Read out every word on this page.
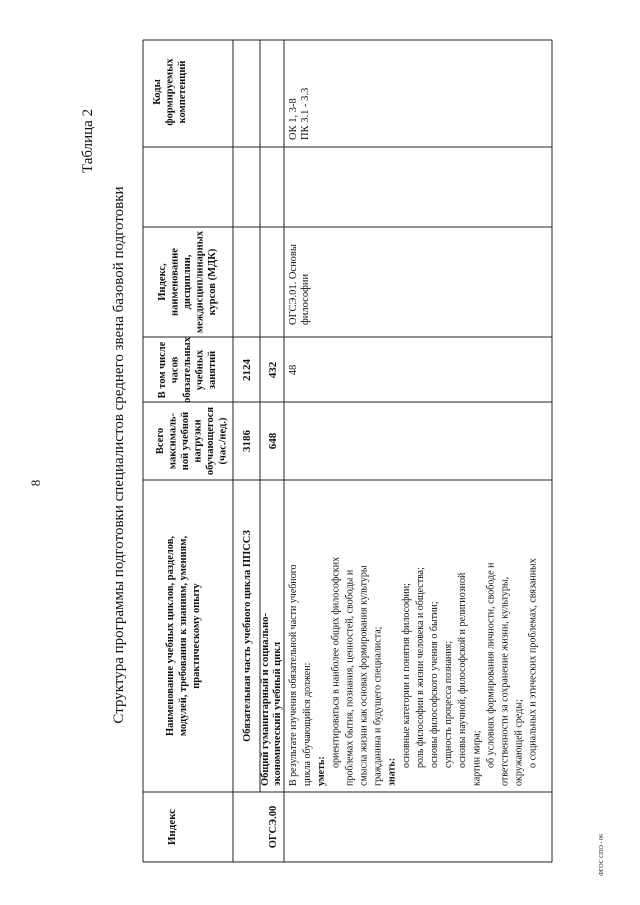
8
Таблица 2
Структура программы подготовки специалистов среднего звена базовой подготовки
ФГОС СПО - 06
Индекс
Наименование учебных циклов, разделов, модулей, требования к знаниям, умениям, практическому опыту
Всего максималь- ной учебной нагрузки обучающегося (час./нед.)
В том числе часов обязательных учебных занятий
Индекс, наименование дисциплин, междисциплинарных курсов (МДК)
Коды формируемых компетенций
Обязательная часть учебного цикла ППССЗ
3186
2124
ОГСЭ.00
Общий гуманитарный и социально- экономический учебный цикл
648
432
В результате изучения обязательной части учебного цикла обучающийся должен: уметь:
ориентироваться в наиболее общих философских проблемах бытия, познания, ценностей, свободы и смысла жизни как основах формирования культуры гражданина и будущего специалиста; знать:
основные категории и понятия философии; роль философии в жизни человека и общества; основы философского учения о бытии; сущность процесса познания; основы научной, философской и религиозной картин мира; об условиях формирования личности, свободе и ответственности за сохранение жизни, культуры, окружающей среды; о социальных и этических проблемах, связанных
48
ОГСЭ.01. Основы философии
ОК 1, 3-8 ПК 3.1 - 3.3
